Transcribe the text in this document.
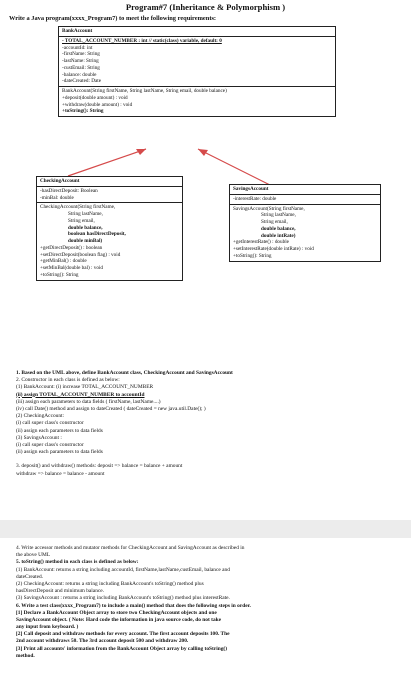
Program#7 (Inheritance & Polymorphism )
Write a Java program(xxxx_Program7) to meet the following requirements:
BankAccount
- TOTAL_ACCOUNT_NUMBER : int // static(class) variable, default: 0
-accountId: int
-firstName: String
-lastName: String
-custEmail: String
-balance: double
-dateCreated: Date
BankAccount(String firstName, String lastName, String email, double balance)
+deposit(double amount) : void
+withdraw(double amount) : void
+toString(): String
CheckingAccount
-hasDirectDeposit: Boolean
-minBal: double
CheckingAccount(String firstName,
String lastName,
String email,
double balance,
boolean hasDirectDeposit,
double minBal)
+getDirectDeposit() : boolean
+setDirectDeposit(boolean flag) : void
+getMinBal() : double
+setMinBal(double bal) : void
+toString(): String
SavingsAccount
-interestRate: double
SavingsAccount(String firstName,
String lastName,
String email,
double balance,
double intRate)
+getInterestRate() : double
+setInterestRate(double intRate) : void
+toString(): String
1. Based on the UML above, define BankAccount class, CheckingAccount and SavingsAccount
2. Constructor in each class is defined as below:
(1) BankAccount: (i) increase TOTAL_ACCOUNT_NUMBER
(ii) assign TOTAL_ACCOUNT_NUMBER to accountId
(iii) assign each parameters to data fields ( firstName, lastName....)
(iv) call Date() method and assign to dateCreated ( dateCreated = new java.util.Date(); )
(2) CheckingAccount:
(i) call super class's constructor
(ii) assign each parameters to data fields
(3) SavingsAccount :
(i) call super class's constructor
(ii) assign each parameters to data fields

3. deposit() and withdraw() methods: deposit => balance = balance + amount
withdraw => balance = balance - amount
4. Write accessor methods and mutator methods for CheckingAccount and SavingAccount as described in
the above UML
5. toString() method in each class is defined as below:
(1) BankAccount: returns a string including accountId, firstName,lastName,custEmail, balance and
dateCreated.
(2) CheckingAccount: returns a string including BankAccount's toString() method plus
hasDirectDeposit and minimum balance.
(3) SavingsAccount : returns a string including BankAccount's toString() method plus interestRate.
6. Write a test class(xxxx_Program7) to include a main() method that does the following steps in order.
[1] Declare a BankAccount Object array to store two CheckingAccount objects and one
SavingAccount object. ( Note: Hard code the information in java source code, do not take
any input from keyboard. )
[2] Call deposit and withdraw methods for every account. The first account deposits 100. The
2nd account withdraws 50. The 3rd account deposit 500 and withdraw 200.
[3] Print all accounts' information from the BankAccount Object array by calling toString()
method.
